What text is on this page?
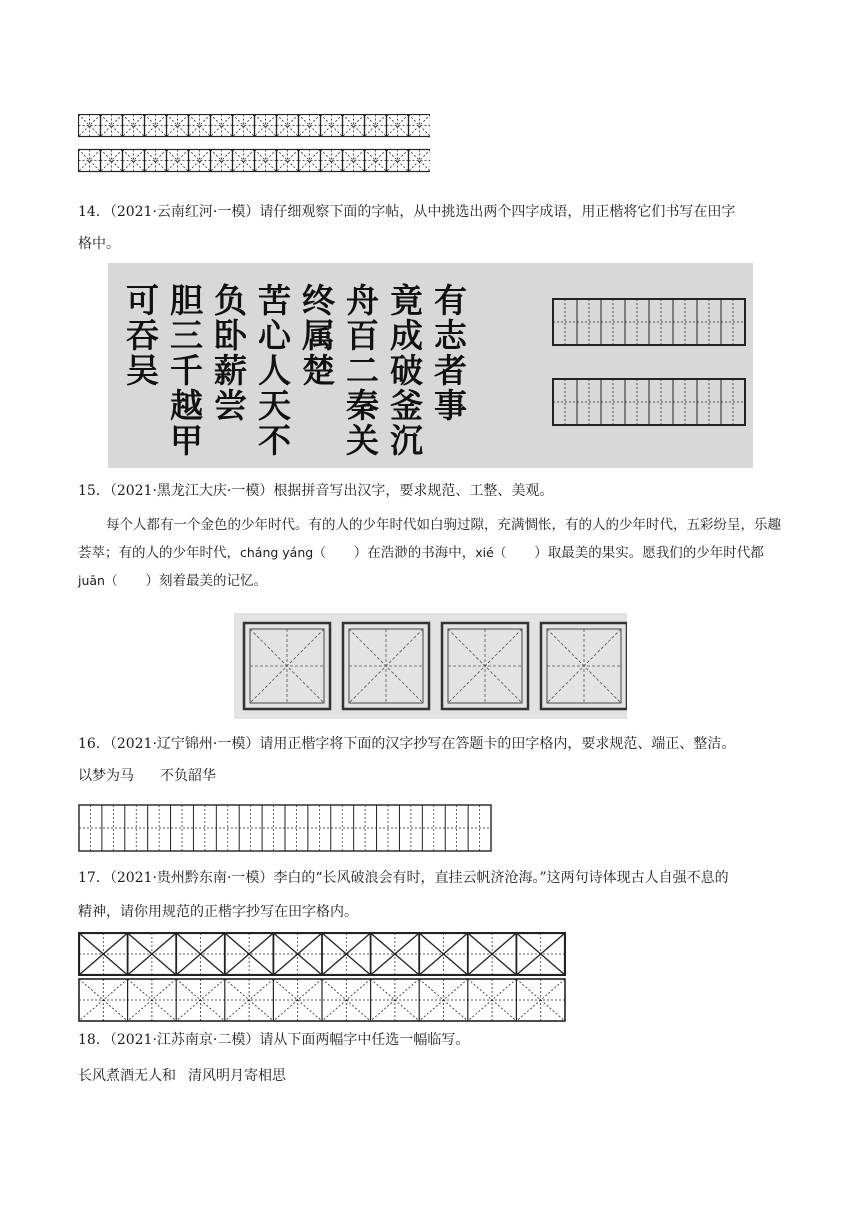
14．（2021·云南红河·一模）请仔细观察下面的字帖，从中挑选出两个四字成语，用正楷将它们书写在田字
格中。
有志者事
竟成破釜沉
舟百二秦关
终属楚
苦心人天不
负卧薪尝
胆三千越甲
可吞吴
15．（2021·黑龙江大庆·一模）根据拼音写出汉字，要求规范、工整、美观。
每个人都有一个金色的少年时代。有的人的少年时代如白驹过隙，充满惆怅，有的人的少年时代，五彩纷呈，乐趣荟萃；有的人的少年时代，cháng yáng（ ）在浩渺的书海中，xié（ ）取最美的果实。愿我们的少年时代都juān（ ）刻着最美的记忆。
16．（2021·辽宁锦州·一模）请用正楷字将下面的汉字抄写在答题卡的田字格内，要求规范、端正、整洁。
以梦为马 不负韶华
17．（2021·贵州黔东南·一模）李白的“长风破浪会有时，直挂云帆济沧海。”这两句诗体现古人自强不息的
精神，请你用规范的正楷字抄写在田字格内。
18．（2021·江苏南京·二模）请从下面两幅字中任选一幅临写。
长风煮酒无人和 清风明月寄相思
